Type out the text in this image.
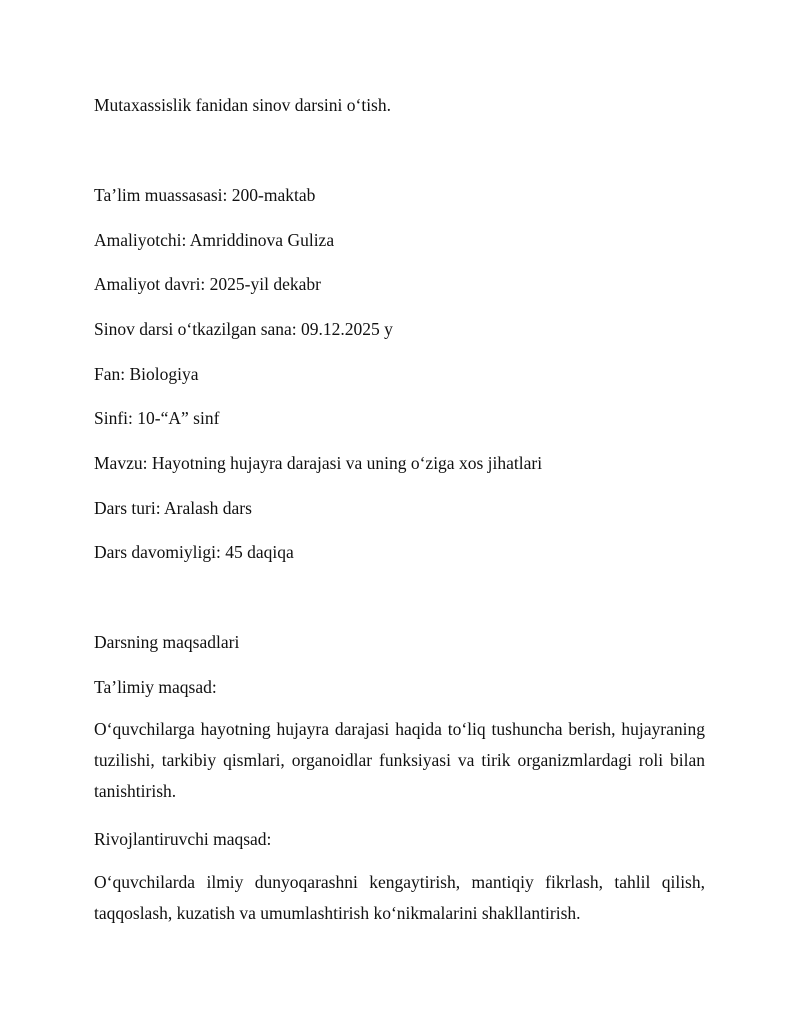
Mutaxassislik fanidan sinov darsini o‘tish.

Ta’lim muassasasi: 200-maktab

Amaliyotchi: Amriddinova Guliza

Amaliyot davri: 2025-yil dekabr

Sinov darsi o‘tkazilgan sana: 09.12.2025 y

Fan: Biologiya

Sinfi: 10-“A” sinf

Mavzu: Hayotning hujayra darajasi va uning o‘ziga xos jihatlari

Dars turi: Aralash dars

Dars davomiyligi: 45 daqiqa

Darsning maqsadlari

Ta’limiy maqsad:

O‘quvchilarga hayotning hujayra darajasi haqida to‘liq tushuncha berish, hujayraning tuzilishi, tarkibiy qismlari, organoidlar funksiyasi va tirik organizmlardagi roli bilan tanishtirish.

Rivojlantiruvchi maqsad:

O‘quvchilarda ilmiy dunyoqarashni kengaytirish, mantiqiy fikrlash, tahlil qilish, taqqoslash, kuzatish va umumlashtirish ko‘nikmalarini shakllantirish.
